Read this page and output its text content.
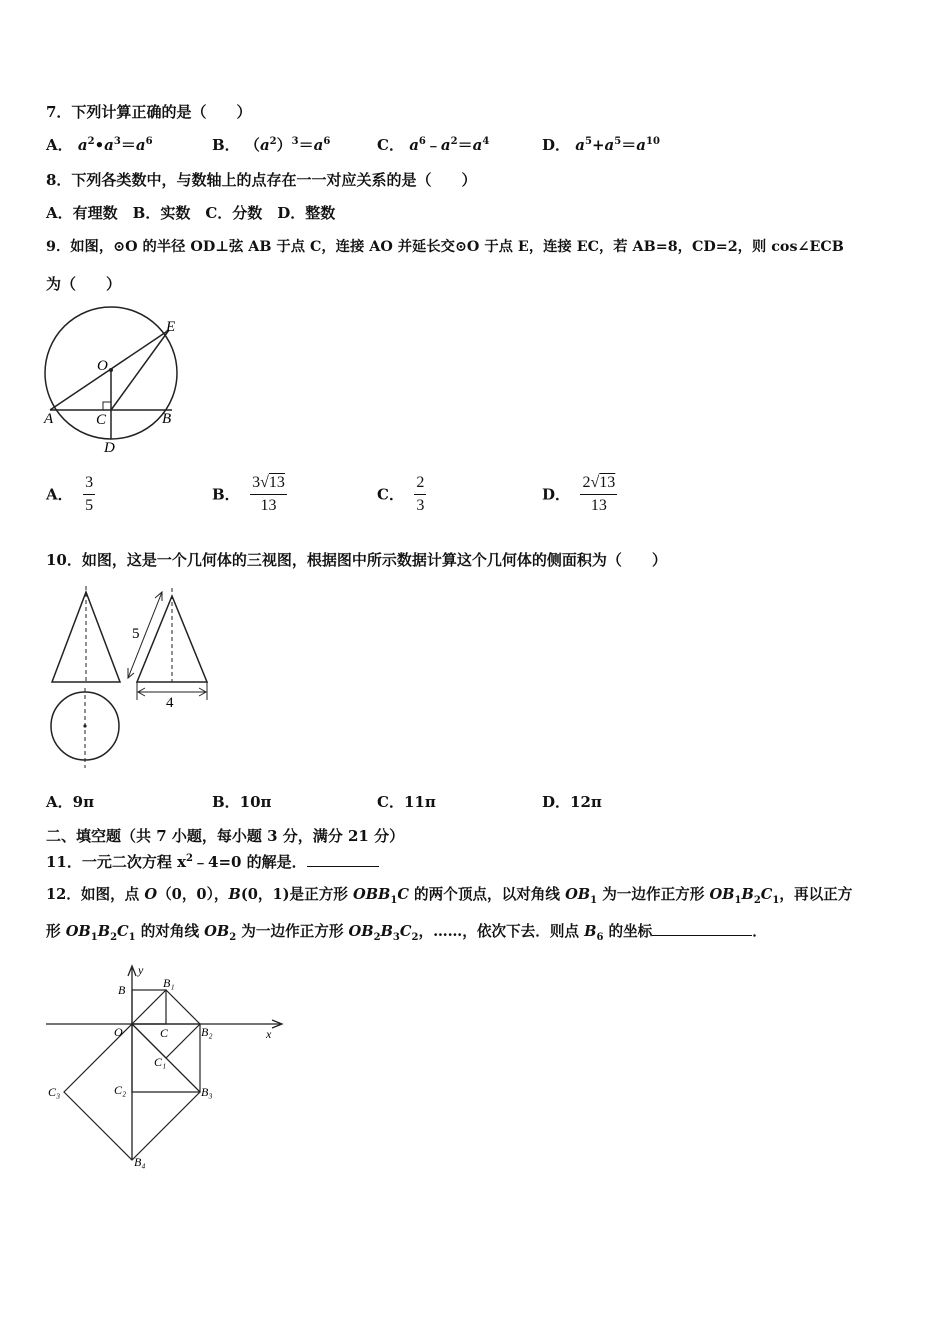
7．下列计算正确的是（　　）
A． $a^2•a^3=a^6$	B． $(a^2)^3=a^6$	C． $a^6﹣a^2=a^4$	D． $a^5+a^5=a^{10}$
8．下列各类数中，与数轴上的点存在一一对应关系的是（　　）
A．有理数　B．实数　C．分数　D．整数
9．如图，⊙O 的半径 OD⊥弦 AB 于点 C，连接 AO 并延长交⊙O 于点 E，连接 EC，若 AB=8，CD=2，则 cos∠ECB
为（　　）
O
E
A	C	B
D
A． $\frac{3}{5}$	B． $\frac{3√13}{13}$	C． $\frac{2}{3}$	D． $\frac{2√13}{13}$
10．如图，这是一个几何体的三视图，根据图中所示数据计算这个几何体的侧面积为（　　）
5
4
A．9π	B．10π	C．11π	D．12π
二、填空题（共 7 小题，每小题 3 分，满分 21 分）
11．一元二次方程 $x^2﹣4=0$ 的解是．
12．如图，点 O（0，0），B(0，1)是正方形 $OBB_1C$ 的两个顶点，以对角线 $OB_1$ 为一边作正方形 $OB_1B_2C_1$，再以正方
形 $OB_1B_2C_1$ 的对角线 $OB_2$ 为一边作正方形 $OB_2B_3C_2$，……，依次下去．则点 $B_6$ 的坐标	．
y
x
B	B₁
O	C	B₂
C₁
C₃	C₂	B₃
B₄
